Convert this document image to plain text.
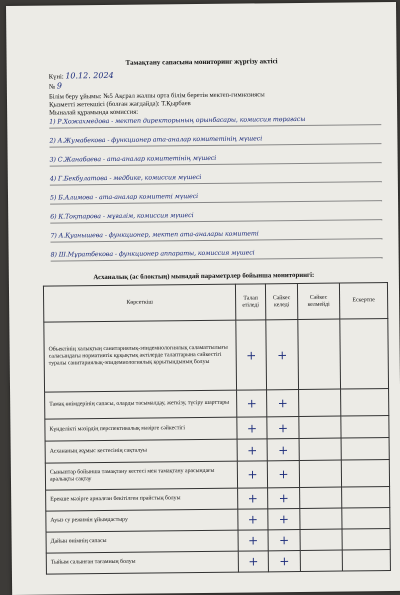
Тамақтану сапасына мониторинг жүргізу актісі
Күні: 10.12. 2024
№ 9
Білім беру ұйымы: №5 Ақсрал жалпы орта білім беретін мектеп-гимназиясы
Қызметті жетекшісі (болған жағдайда): Т.Қырбаев
Мыналай құрамында комиссия:
1) Р.Хожахмедова - мектеп директорының орынбасары, комиссия төрағасы
2) А.Жумабекова - функционер ата-аналар комитетінің мүшесі
3) С.Жанабаева - ата-аналар комитетінің мүшесі
4) Г.Бекбулатова - медбике, комиссия мүшесі
5) Б.Алимова - ата-аналар комитеті мүшесі
6) К.Тоқтарова - мұғалім, комиссия мүшесі
7) А.Қуанышева - функционер, мектеп ата-аналары комитеті
8) Ш.Мұратбекова - функционер аппараты, комиссия мүшесі
Асханалық (ас блоктың) мынадай параметрлер бойынша мониторингі:
Көрсеткіш	Талап етіледі	Сәйкес келеді	Сәйкес келмейді	Ескертпе
Объектінің халықтың санитариялық-эпидемиологиялық саламаттылығы саласындағы нормативтік құқықтық актілерде талаптарына сәйкестігі туралы санитариялық-эпидемиологиялық қорытындының болуы	+	+		
Тамақ өнімдерінің сапасы, оларды тасымалдау, жеткізу, түсіру шарттары	+	+		
Күнделікті мәзірдің перспективалық мәзірге сәйкестігі	+	+		
Асхананың жұмыс кестесінің сақталуы	+	+		
Сыныптар бойынша тамақтану кестесі мен тамақтану арасындағы аралықты сақтау	+	+		
Ерекше мәзірге арналған бекітілген прайстың болуы	+	+		
Ауыз су режимін ұйымдастыру	+	+		
Дайын өнімнің сапасы	+	+		
Тыйым салынған тағамның болуы	+	+		
